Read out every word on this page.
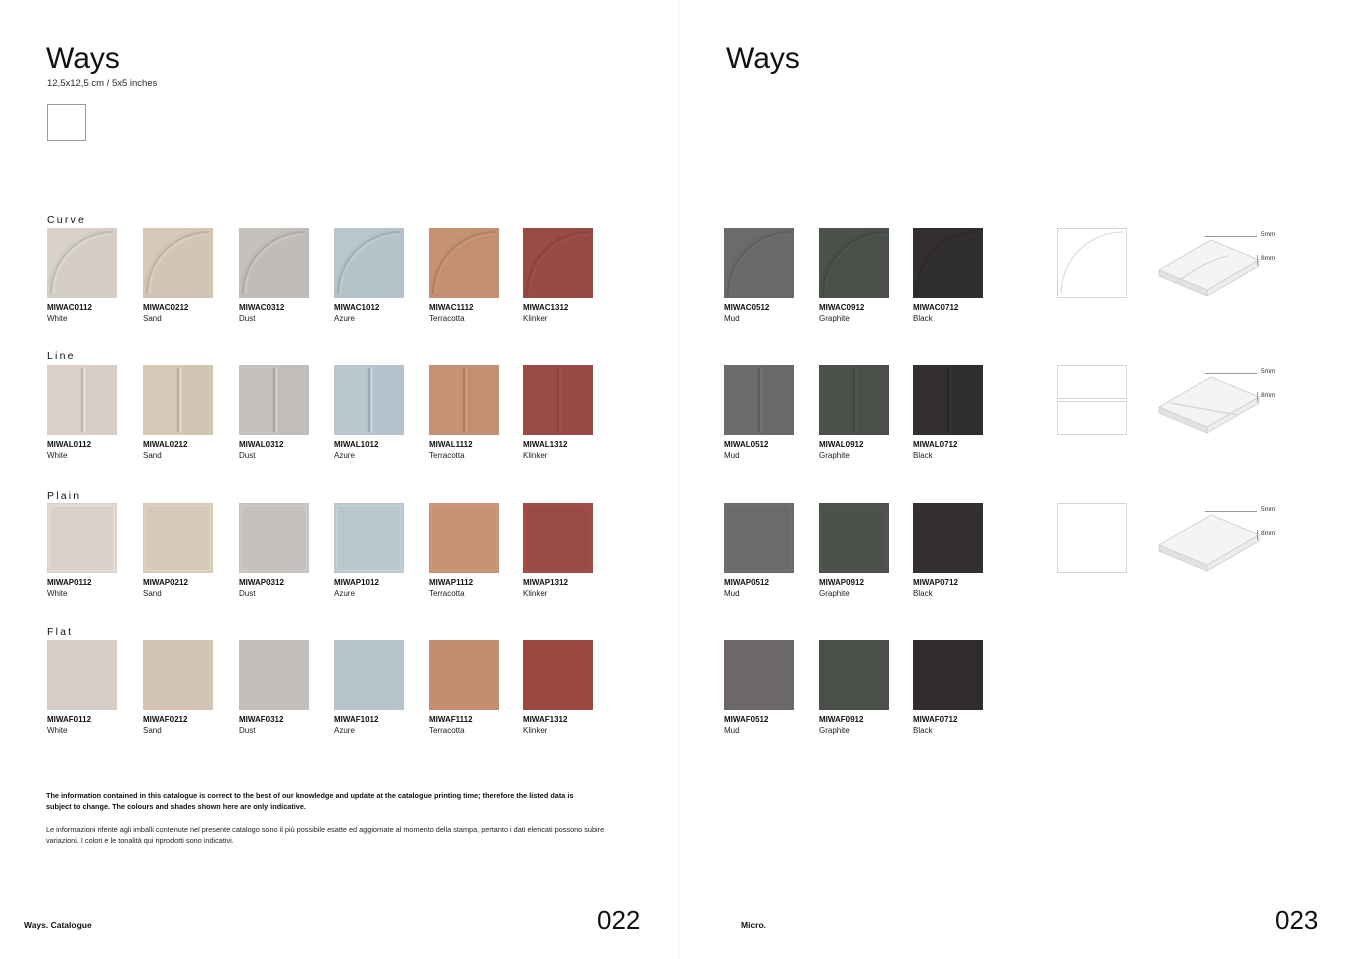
Ways
12,5x12,5 cm / 5x5 inches
Ways
Curve
MIWAC0112
White
MIWAC0212
Sand
MIWAC0312
Dust
MIWAC1012
Azure
MIWAC1112
Terracotta
MIWAC1312
Klinker
MIWAC0512
Mud
MIWAC0912
Graphite
MIWAC0712
Black
5mm
8mm
Line
MIWAL0112
White
MIWAL0212
Sand
MIWAL0312
Dust
MIWAL1012
Azure
MIWAL1112
Terracotta
MIWAL1312
Klinker
MIWAL0512
Mud
MIWAL0912
Graphite
MIWAL0712
Black
5mm
8mm
Plain
MIWAP0112
White
MIWAP0212
Sand
MIWAP0312
Dust
MIWAP1012
Azure
MIWAP1112
Terracotta
MIWAP1312
Klinker
MIWAP0512
Mud
MIWAP0912
Graphite
MIWAP0712
Black
5mm
8mm
Flat
MIWAF0112
White
MIWAF0212
Sand
MIWAF0312
Dust
MIWAF1012
Azure
MIWAF1112
Terracotta
MIWAF1312
Klinker
MIWAF0512
Mud
MIWAF0912
Graphite
MIWAF0712
Black
The information contained in this catalogue is correct to the best of our knowledge and update at the catalogue printing time; therefore the listed data is subject to change. The colours and shades shown here are only indicative.
Le informazioni riferite agli imballi contenute nel presente catalogo sono il più possibile esatte ed aggiornate al momento della stampa, pertanto i dati elencati possono subire variazioni. I colori e le tonalità qui riprodotti sono indicativi.
Ways. Catalogue	022	Micro.	023
